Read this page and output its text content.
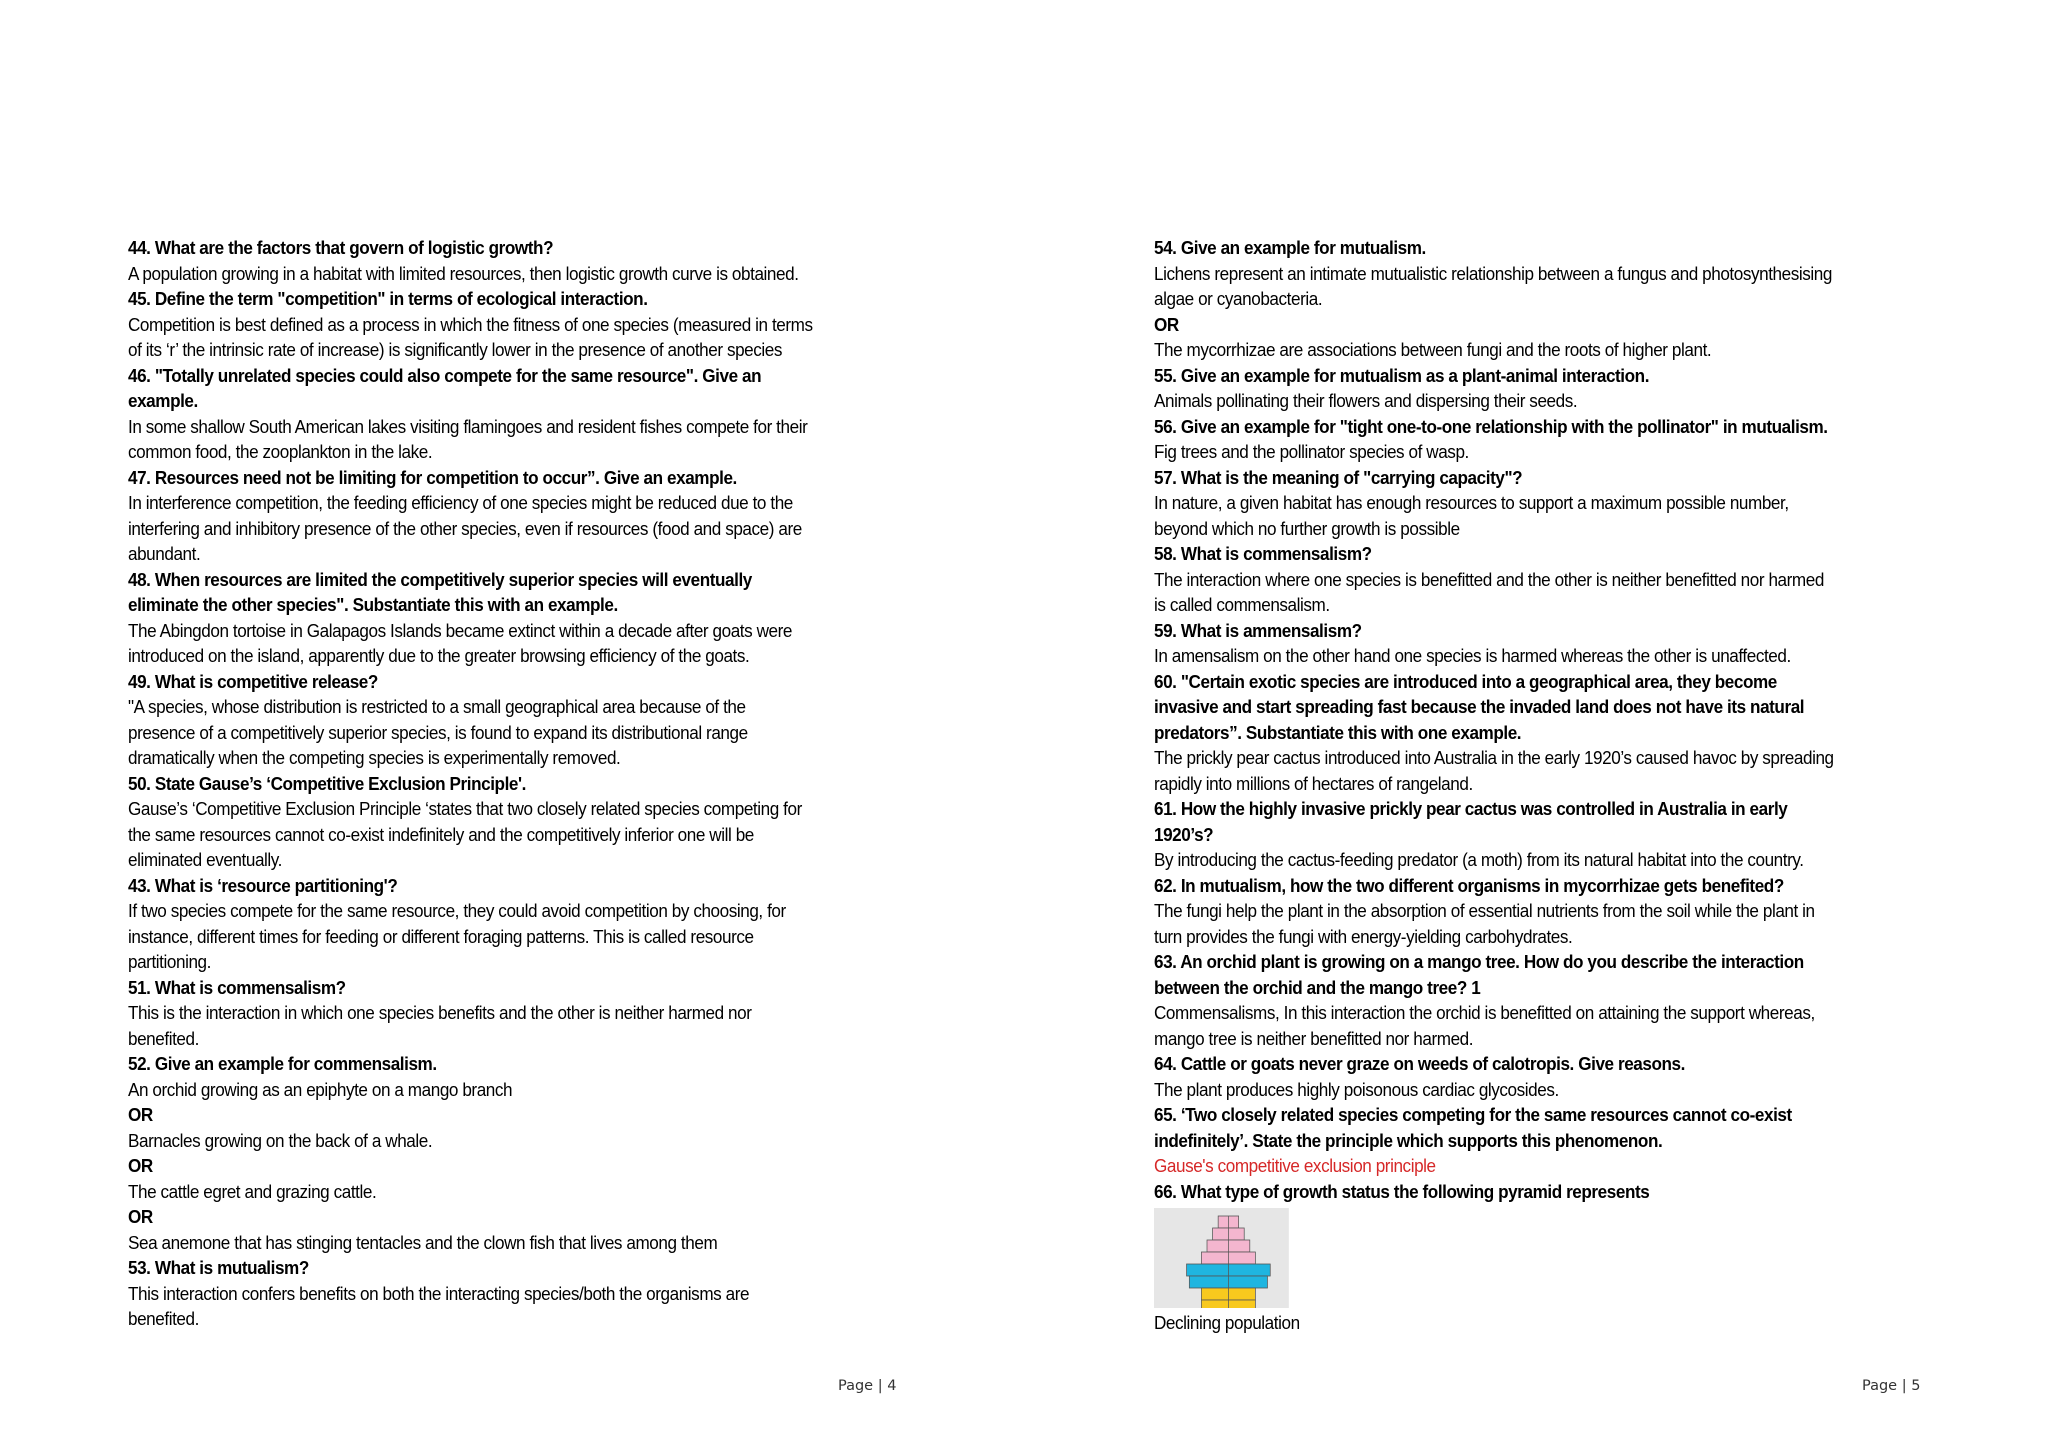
44. What are the factors that govern of logistic growth?
A population growing in a habitat with limited resources, then logistic growth curve is obtained.
45. Define the term "competition" in terms of ecological interaction.
Competition is best defined as a process in which the fitness of one species (measured in terms
of its ‘r’ the intrinsic rate of increase) is significantly lower in the presence of another species
46. "Totally unrelated species could also compete for the same resource". Give an
example.
In some shallow South American lakes visiting flamingoes and resident fishes compete for their
common food, the zooplankton in the lake.
47. Resources need not be limiting for competition to occur”. Give an example.
In interference competition, the feeding efficiency of one species might be reduced due to the
interfering and inhibitory presence of the other species, even if resources (food and space) are
abundant.
48. When resources are limited the competitively superior species will eventually
eliminate the other species". Substantiate this with an example.
The Abingdon tortoise in Galapagos Islands became extinct within a decade after goats were
introduced on the island, apparently due to the greater browsing efficiency of the goats.
49. What is competitive release?
"A species, whose distribution is restricted to a small geographical area because of the
presence of a competitively superior species, is found to expand its distributional range
dramatically when the competing species is experimentally removed.
50. State Gause’s ‘Competitive Exclusion Principle'.
Gause’s ‘Competitive Exclusion Principle ‘states that two closely related species competing for
the same resources cannot co-exist indefinitely and the competitively inferior one will be
eliminated eventually.
43. What is ‘resource partitioning'?
If two species compete for the same resource, they could avoid competition by choosing, for
instance, different times for feeding or different foraging patterns. This is called resource
partitioning.
51. What is commensalism?
This is the interaction in which one species benefits and the other is neither harmed nor
benefited.
52. Give an example for commensalism.
An orchid growing as an epiphyte on a mango branch
OR
Barnacles growing on the back of a whale.
OR
The cattle egret and grazing cattle.
OR
Sea anemone that has stinging tentacles and the clown fish that lives among them
53. What is mutualism?
This interaction confers benefits on both the interacting species/both the organisms are
benefited.
Page | 4
54. Give an example for mutualism.
Lichens represent an intimate mutualistic relationship between a fungus and photosynthesising
algae or cyanobacteria.
OR
The mycorrhizae are associations between fungi and the roots of higher plant.
55. Give an example for mutualism as a plant-animal interaction.
Animals pollinating their flowers and dispersing their seeds.
56. Give an example for "tight one-to-one relationship with the pollinator" in mutualism.
Fig trees and the pollinator species of wasp.
57. What is the meaning of "carrying capacity"?
In nature, a given habitat has enough resources to support a maximum possible number,
beyond which no further growth is possible
58. What is commensalism?
The interaction where one species is benefitted and the other is neither benefitted nor harmed
is called commensalism.
59. What is ammensalism?
In amensalism on the other hand one species is harmed whereas the other is unaffected.
60. "Certain exotic species are introduced into a geographical area, they become
invasive and start spreading fast because the invaded land does not have its natural
predators”. Substantiate this with one example.
The prickly pear cactus introduced into Australia in the early 1920’s caused havoc by spreading
rapidly into millions of hectares of rangeland.
61. How the highly invasive prickly pear cactus was controlled in Australia in early
1920’s?
By introducing the cactus-feeding predator (a moth) from its natural habitat into the country.
62. In mutualism, how the two different organisms in mycorrhizae gets benefited?
The fungi help the plant in the absorption of essential nutrients from the soil while the plant in
turn provides the fungi with energy-yielding carbohydrates.
63. An orchid plant is growing on a mango tree. How do you describe the interaction
between the orchid and the mango tree? 1
Commensalisms, In this interaction the orchid is benefitted on attaining the support whereas,
mango tree is neither benefitted nor harmed.
64. Cattle or goats never graze on weeds of calotropis. Give reasons.
The plant produces highly poisonous cardiac glycosides.
65. ‘Two closely related species competing for the same resources cannot co-exist
indefinitely’. State the principle which supports this phenomenon.
Gause's competitive exclusion principle
66. What type of growth status the following pyramid represents
Declining population
Page | 5
